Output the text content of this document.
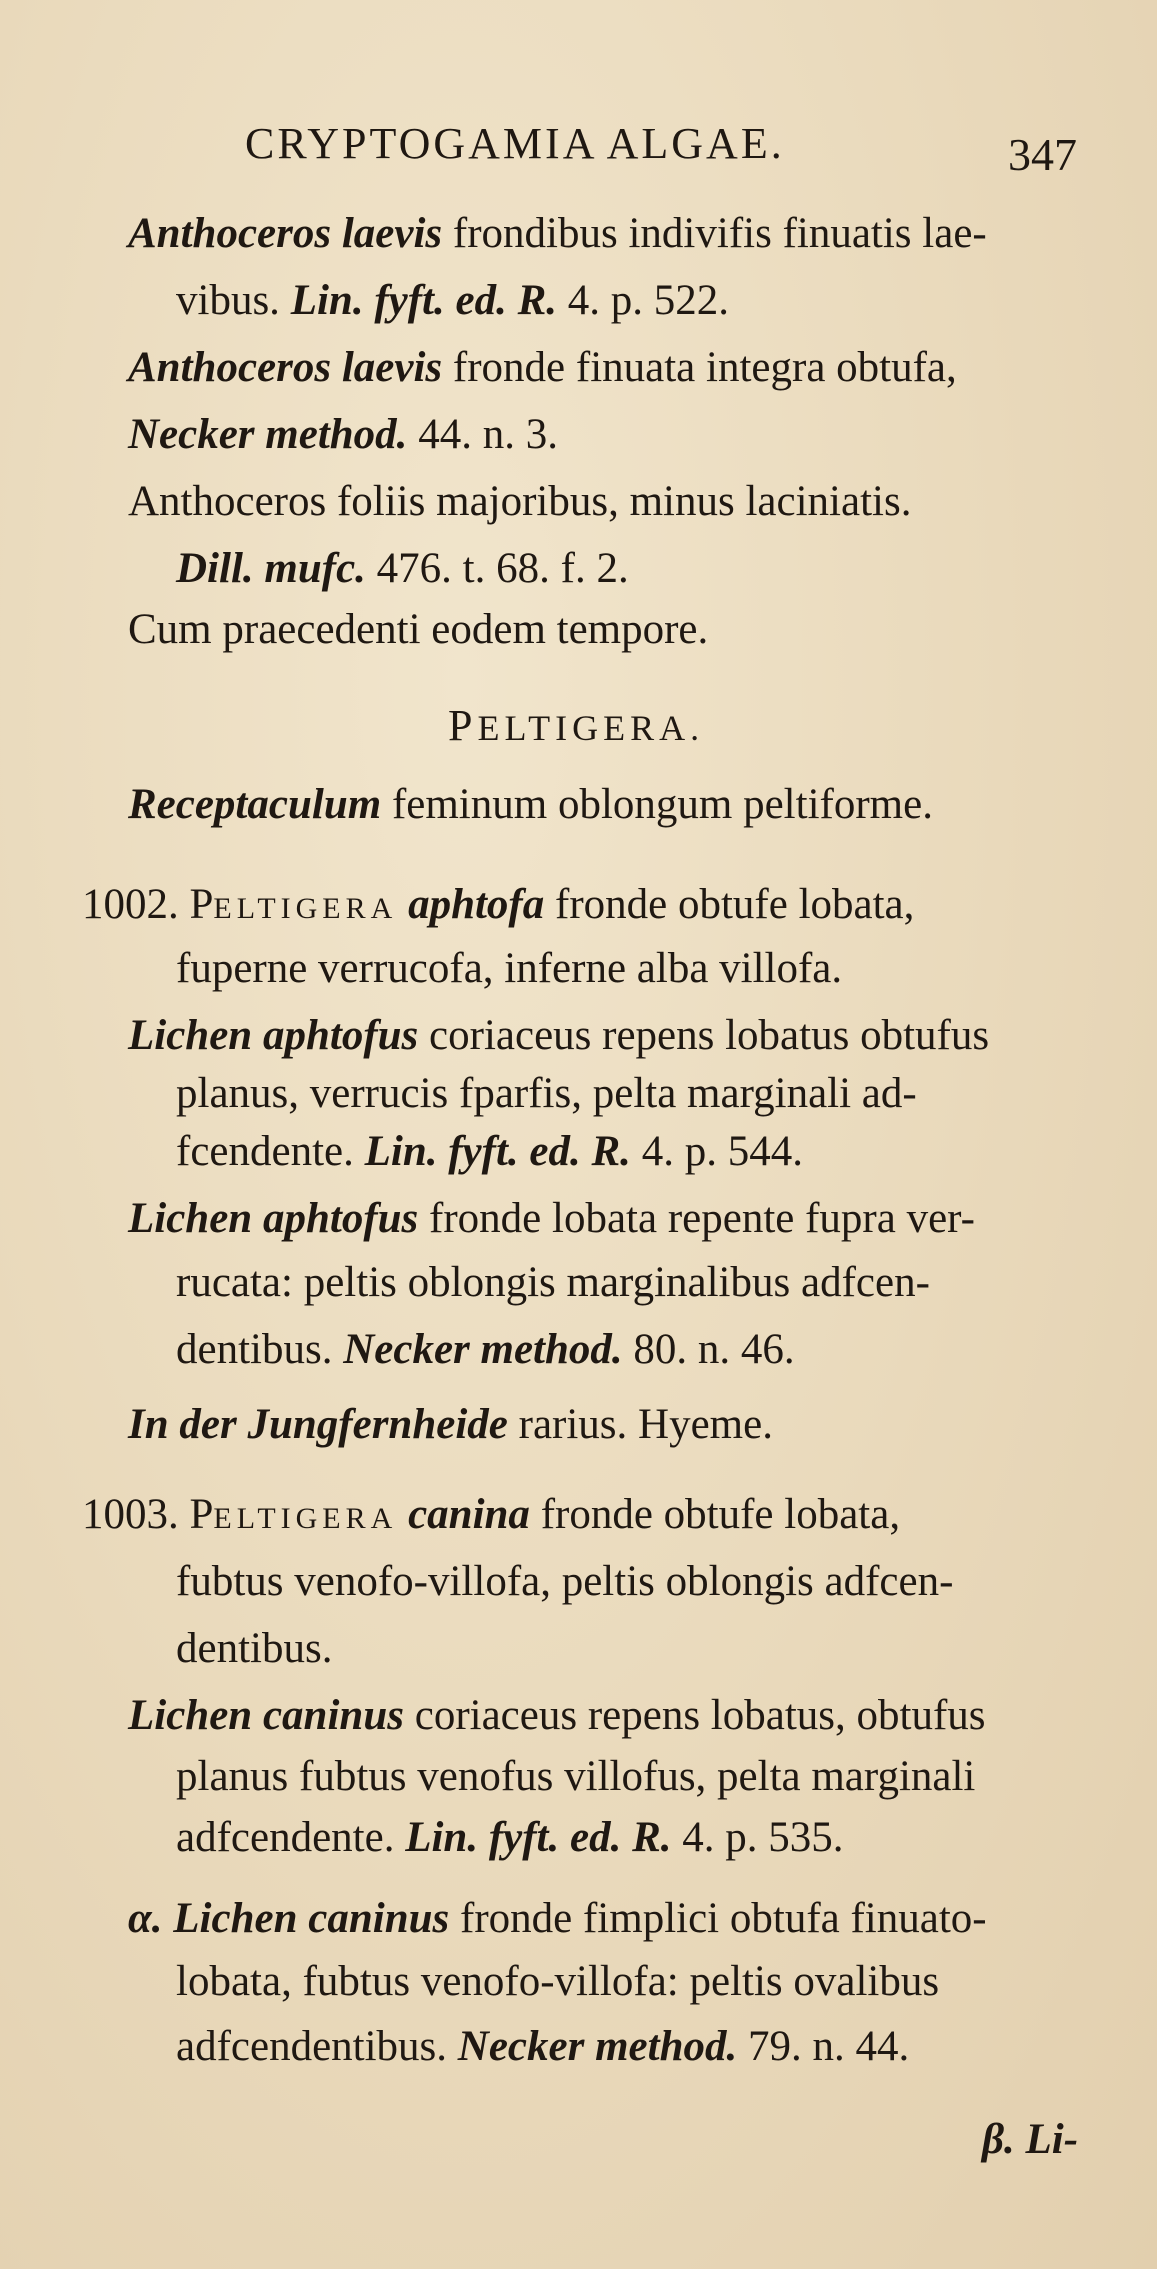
CRYPTOGAMIA ALGAE.	347
Anthoceros laevis frondibus indivifis finuatis lae-
vibus. Lin. fyft. ed. R. 4. p. 522.
Anthoceros laevis fronde finuata integra obtufa,
Necker method. 44. n. 3.
Anthoceros foliis majoribus, minus laciniatis.
Dill. mufc. 476. t. 68. f. 2.
Cum praecedenti eodem tempore.
PELTIGERA.
Receptaculum feminum oblongum peltiforme.
1002. PELTIGERA aphtofa fronde obtufe lobata,
fuperne verrucofa, inferne alba villofa.
Lichen aphtofus coriaceus repens lobatus obtufus
planus, verrucis fparfis, pelta marginali ad-
fcendente. Lin. fyft. ed. R. 4. p. 544.
Lichen aphtofus fronde lobata repente fupra ver-
rucata: peltis oblongis marginalibus adfcen-
dentibus. Necker method. 80. n. 46.
In der Jungfernheide rarius. Hyeme.
1003. PELTIGERA canina fronde obtufe lobata,
fubtus venofo-villofa, peltis oblongis adfcen-
dentibus.
Lichen caninus coriaceus repens lobatus, obtufus
planus fubtus venofus villofus, pelta marginali
adfcendente. Lin. fyft. ed. R. 4. p. 535.
α. Lichen caninus fronde fimplici obtufa finuato-
lobata, fubtus venofo-villofa: peltis ovalibus
adfcendentibus. Necker method. 79. n. 44.
β. Li-
